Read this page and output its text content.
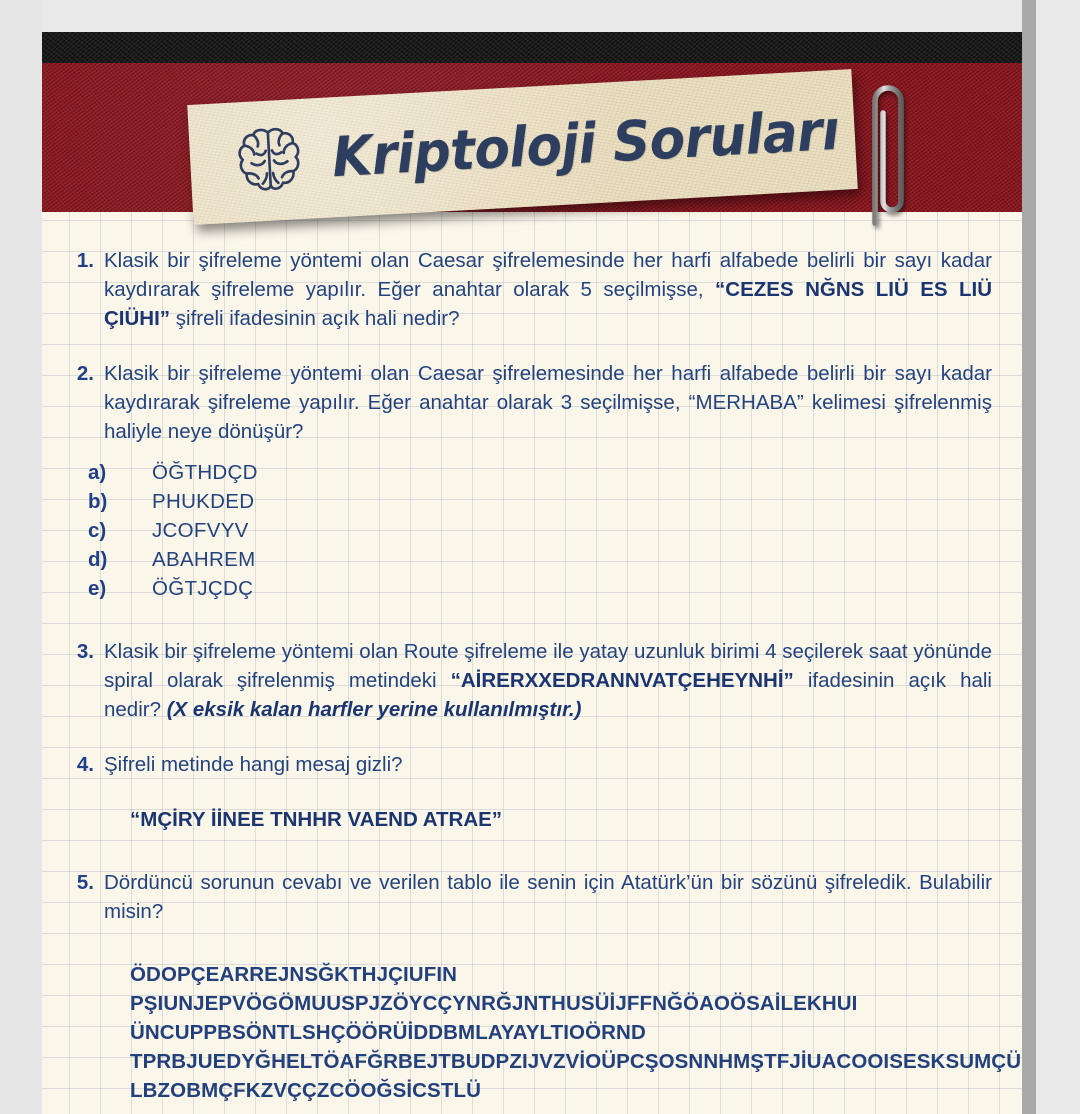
Kriptoloji Soruları
1. Klasik bir şifreleme yöntemi olan Caesar şifrelemesinde her harfi alfabede belirli bir sayı kadar kaydırarak şifreleme yapılır. Eğer anahtar olarak 5 seçilmişse, “CEZES NĞNS LIÜ ES LIÜ ÇIÜHI” şifreli ifadesinin açık hali nedir?
2. Klasik bir şifreleme yöntemi olan Caesar şifrelemesinde her harfi alfabede belirli bir sayı kadar kaydırarak şifreleme yapılır. Eğer anahtar olarak 3 seçilmişse, “MERHABA” kelimesi şifrelenmiş haliyle neye dönüşür?
a)	ÖĞTHDÇD
b)	PHUKDED
c)	JCOFVYV
d)	ABAHREM
e)	ÖĞTJÇDÇ
3. Klasik bir şifreleme yöntemi olan Route şifreleme ile yatay uzunluk birimi 4 seçilerek saat yönünde spiral olarak şifrelenmiş metindeki “AİRERXXEDRANNVATÇEHEYNHİ” ifadesinin açık hali nedir? (X eksik kalan harfler yerine kullanılmıştır.)
4. Şifreli metinde hangi mesaj gizli?
“MÇİRY İİNEE TNHHR VAEND ATRAE”
5. Dördüncü sorunun cevabı ve verilen tablo ile senin için Atatürk’ün bir sözünü şifreledik. Bulabilir misin?
ÖDOPÇEARREJNSĞKTHJÇIUFIN
PŞIUNJEPVÖGÖMUUSPJZÖYCÇYNRĞJNTHUSÜİJFFNĞÖAOÖSAİLEKHUI
ÜNCUPPBSÖNTLSHÇÖÖRÜİDDBMLAYAYLTIOÖRND
TPRBJUEDYĞHELTÖAFĞRBEJTBUDPZIJVZVİOÜPCŞOSNNHMŞTFJİUACOOISESKSUMÇÜ
LBZOBMÇFKZVÇÇZCÖOĞSİCSTLÜ
